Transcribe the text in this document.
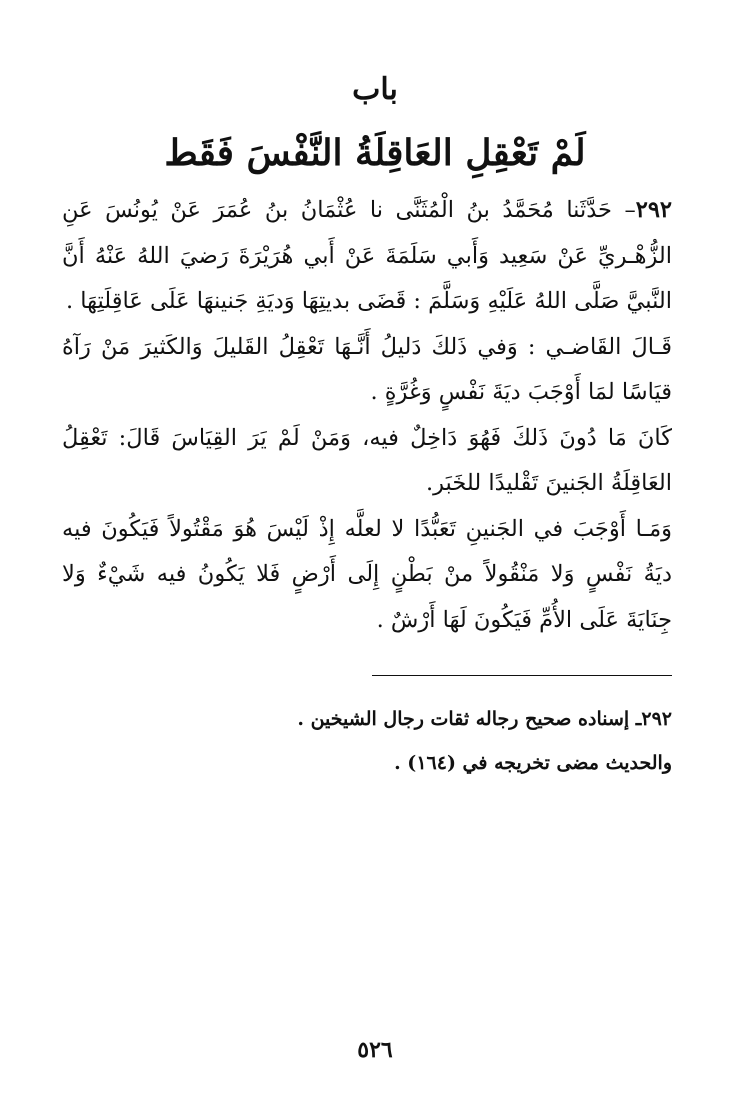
باب
لَمْ تَعْقِلِ العَاقِلَةُ النَّفْسَ فَقَط

٢٩٢– حَدَّثَنا مُحَمَّدُ بنُ الْمُثَنَّى نا عُثْمَانُ بنُ عُمَرَ عَنْ يُونُسَ عَنِ الزُّهْـريِّ عَنْ سَعِيد وَأَبي سَلَمَةَ عَنْ أَبي هُرَيْرَةَ رَضيَ اللهُ عَنْهُ أَنَّ النَّبيَّ صَلَّى اللهُ عَلَيْهِ وَسَلَّمَ : قَضَى بديتِهَا وَديَةِ جَنينهَا عَلَى عَاقِلَتِهَا .

قَـالَ القَاضـي : وَفي ذَلكَ دَليلُ أَنَّـهَا تَعْقِلُ القَليلَ وَالكَثيرَ مَنْ رَآهُ قيَاسًا لمَا أَوْجَبَ ديَةَ نَفْسٍ وَغُرَّةٍ .

كَانَ مَا دُونَ ذَلكَ فَهُوَ دَاخِلٌ فيه، وَمَنْ لَمْ يَرَ القِيَاسَ قَالَ: تَعْقِلُ العَاقِلَةُ الجَنينَ تَقْليدًا للخَبَر.

وَمَـا أَوْجَبَ في الجَنينِ تَعَبُّدًا لا لعلَّه إِذْ لَيْسَ هُوَ مَقْتُولاً فَيَكُونَ فيه ديَةُ نَفْسٍ وَلا مَنْقُولاً منْ بَطْنٍ إِلَى أَرْضٍ فَلا يَكُونُ فيه شَيْءٌ وَلا جِنَايَةَ عَلَى الأُمِّ فَيَكُونَ لَهَا أَرْشٌ .

٢٩٢ـ إسناده صحيح رجاله ثقات رجال الشيخين .

والحديث مضى تخريجه في (١٦٤) .

٥٢٦
